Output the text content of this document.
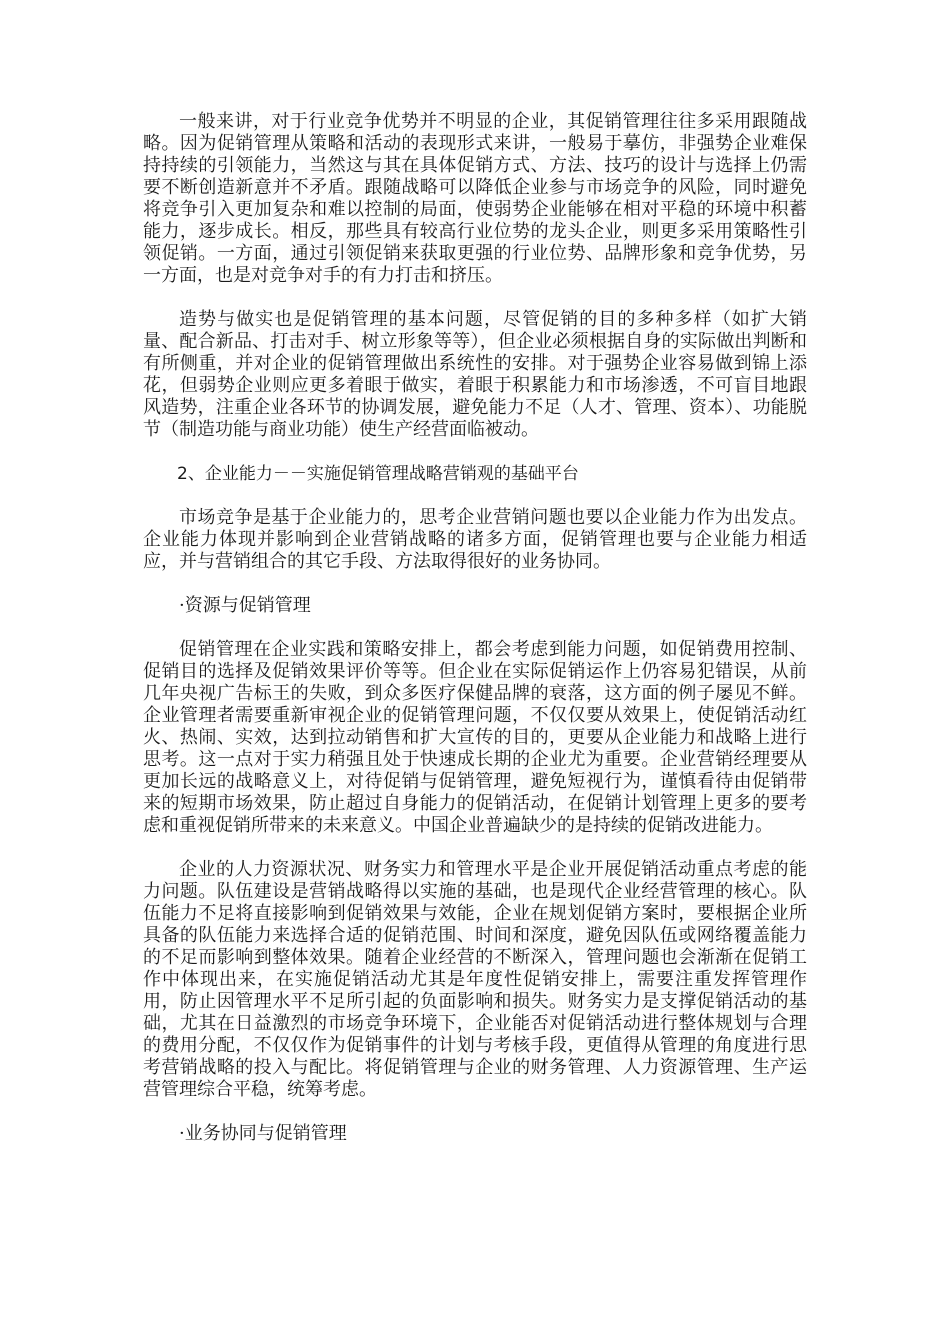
一般来讲，对于行业竞争优势并不明显的企业，其促销管理往往多采用跟随战略。因为促销管理从策略和活动的表现形式来讲，一般易于摹仿，非强势企业难保持持续的引领能力，当然这与其在具体促销方式、方法、技巧的设计与选择上仍需要不断创造新意并不矛盾。跟随战略可以降低企业参与市场竞争的风险，同时避免将竞争引入更加复杂和难以控制的局面，使弱势企业能够在相对平稳的环境中积蓄能力，逐步成长。相反，那些具有较高行业位势的龙头企业，则更多采用策略性引领促销。一方面，通过引领促销来获取更强的行业位势、品牌形象和竞争优势，另一方面，也是对竞争对手的有力打击和挤压。

造势与做实也是促销管理的基本问题，尽管促销的目的多种多样（如扩大销量、配合新品、打击对手、树立形象等等），但企业必须根据自身的实际做出判断和有所侧重，并对企业的促销管理做出系统性的安排。对于强势企业容易做到锦上添花，但弱势企业则应更多着眼于做实，着眼于积累能力和市场渗透，不可盲目地跟风造势，注重企业各环节的协调发展，避免能力不足（人才、管理、资本）、功能脱节（制造功能与商业功能）使生产经营面临被动。

2、企业能力－－实施促销管理战略营销观的基础平台

市场竞争是基于企业能力的，思考企业营销问题也要以企业能力作为出发点。企业能力体现并影响到企业营销战略的诸多方面，促销管理也要与企业能力相适应，并与营销组合的其它手段、方法取得很好的业务协同。

·资源与促销管理

促销管理在企业实践和策略安排上，都会考虑到能力问题，如促销费用控制、促销目的选择及促销效果评价等等。但企业在实际促销运作上仍容易犯错误，从前几年央视广告标王的失败，到众多医疗保健品牌的衰落，这方面的例子屡见不鲜。企业管理者需要重新审视企业的促销管理问题，不仅仅要从效果上，使促销活动红火、热闹、实效，达到拉动销售和扩大宣传的目的，更要从企业能力和战略上进行思考。这一点对于实力稍强且处于快速成长期的企业尤为重要。企业营销经理要从更加长远的战略意义上，对待促销与促销管理，避免短视行为，谨慎看待由促销带来的短期市场效果，防止超过自身能力的促销活动，在促销计划管理上更多的要考虑和重视促销所带来的未来意义。中国企业普遍缺少的是持续的促销改进能力。

企业的人力资源状况、财务实力和管理水平是企业开展促销活动重点考虑的能力问题。队伍建设是营销战略得以实施的基础，也是现代企业经营管理的核心。队伍能力不足将直接影响到促销效果与效能，企业在规划促销方案时，要根据企业所具备的队伍能力来选择合适的促销范围、时间和深度，避免因队伍或网络覆盖能力的不足而影响到整体效果。随着企业经营的不断深入，管理问题也会渐渐在促销工作中体现出来，在实施促销活动尤其是年度性促销安排上，需要注重发挥管理作用，防止因管理水平不足所引起的负面影响和损失。财务实力是支撑促销活动的基础，尤其在日益激烈的市场竞争环境下，企业能否对促销活动进行整体规划与合理的费用分配，不仅仅作为促销事件的计划与考核手段，更值得从管理的角度进行思考营销战略的投入与配比。将促销管理与企业的财务管理、人力资源管理、生产运营管理综合平稳，统筹考虑。

·业务协同与促销管理
